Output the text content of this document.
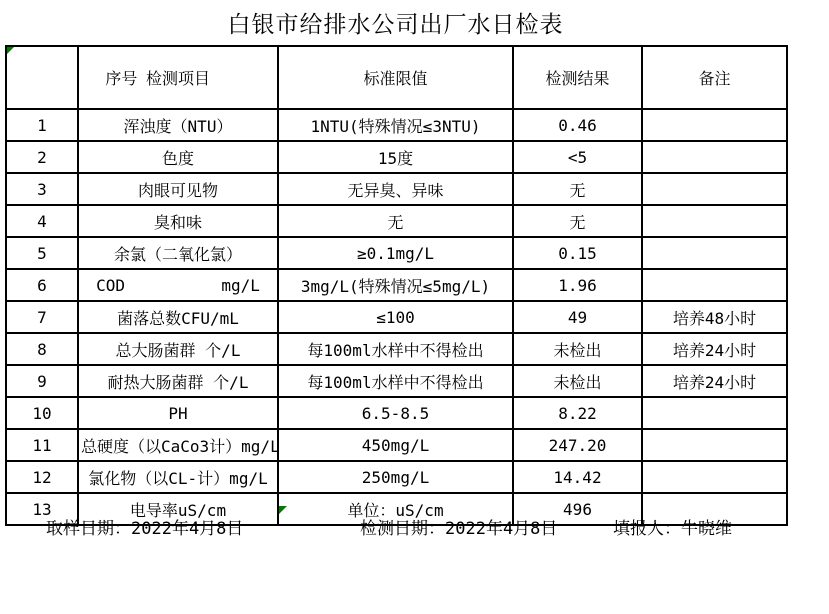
白银市给排水公司出厂水日检表

序号	检测项目	标准限值	检测结果	备注
1	浑浊度（NTU）	1NTU(特殊情况≤3NTU)	0.46	
2	色度	15度	<5	
3	肉眼可见物	无异臭、异味	无	
4	臭和味	无	无	
5	余氯（二氧化氯）	≥0.1mg/L	0.15	
6	COD          mg/L	3mg/L(特殊情况≤5mg/L)	1.96	
7	菌落总数CFU/mL	≤100	49	培养48小时
8	总大肠菌群 个/L	每100ml水样中不得检出	未检出	培养24小时
9	耐热大肠菌群 个/L	每100ml水样中不得检出	未检出	培养24小时
10	PH	6.5-8.5	8.22	
11	总硬度（以CaCo3计）mg/L	450mg/L	247.20	
12	氯化物（以CL-计）mg/L	250mg/L	14.42	
13	电导率uS/cm	单位：uS/cm	496	

取样日期：2022年4月8日

	检测日期：2022年4月8日

	填报人：牛晓维
